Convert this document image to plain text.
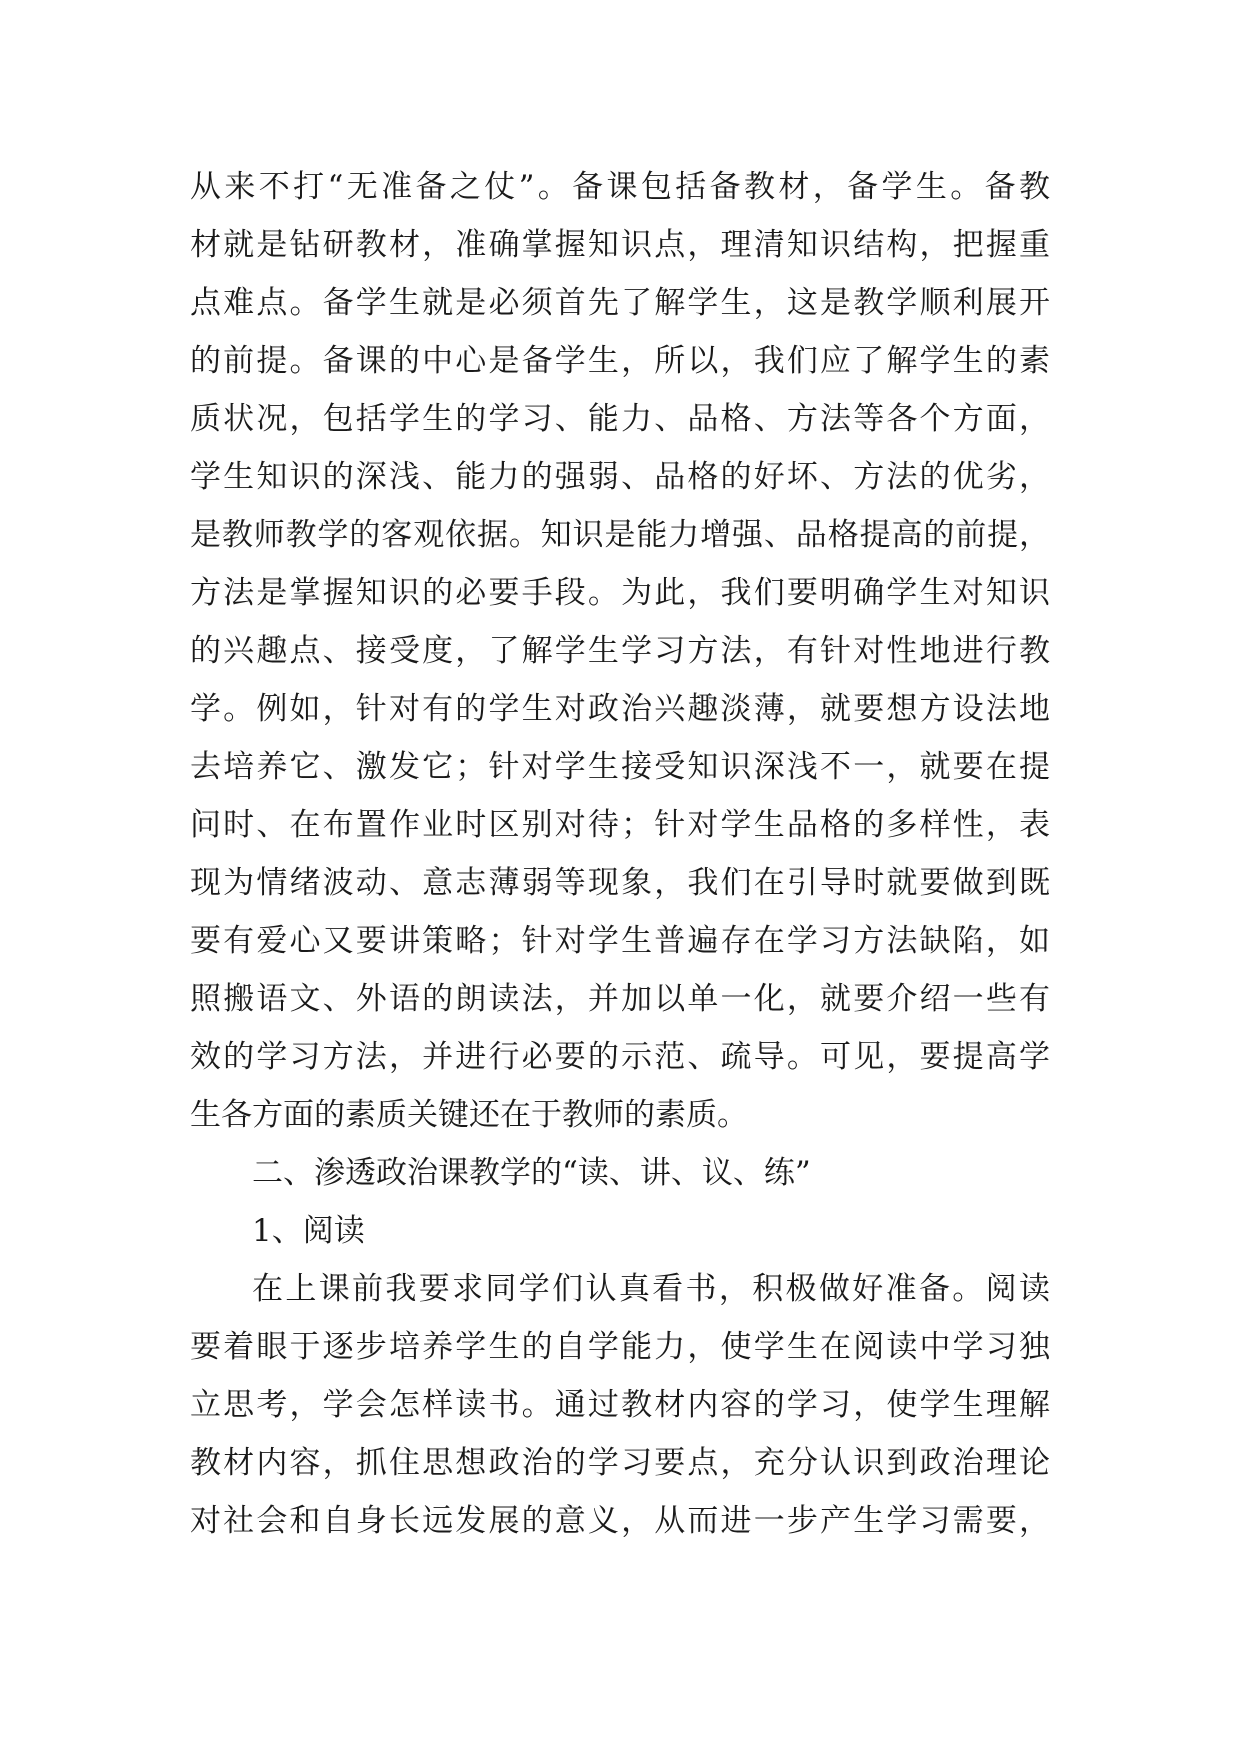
从来不打“无准备之仗”。备课包括备教材，备学生。备教
材就是钻研教材，准确掌握知识点，理清知识结构，把握重
点难点。备学生就是必须首先了解学生，这是教学顺利展开
的前提。备课的中心是备学生，所以，我们应了解学生的素
质状况，包括学生的学习、能力、品格、方法等各个方面，
学生知识的深浅、能力的强弱、品格的好坏、方法的优劣，
是教师教学的客观依据。知识是能力增强、品格提高的前提，
方法是掌握知识的必要手段。为此，我们要明确学生对知识
的兴趣点、接受度，了解学生学习方法，有针对性地进行教
学。例如，针对有的学生对政治兴趣淡薄，就要想方设法地
去培养它、激发它；针对学生接受知识深浅不一，就要在提
问时、在布置作业时区别对待；针对学生品格的多样性，表
现为情绪波动、意志薄弱等现象，我们在引导时就要做到既
要有爱心又要讲策略；针对学生普遍存在学习方法缺陷，如
照搬语文、外语的朗读法，并加以单一化，就要介绍一些有
效的学习方法，并进行必要的示范、疏导。可见，要提高学
生各方面的素质关键还在于教师的素质。
二、渗透政治课教学的“读、讲、议、练”
1、阅读
在上课前我要求同学们认真看书，积极做好准备。阅读
要着眼于逐步培养学生的自学能力，使学生在阅读中学习独
立思考，学会怎样读书。通过教材内容的学习，使学生理解
教材内容，抓住思想政治的学习要点，充分认识到政治理论
对社会和自身长远发展的意义，从而进一步产生学习需要，
